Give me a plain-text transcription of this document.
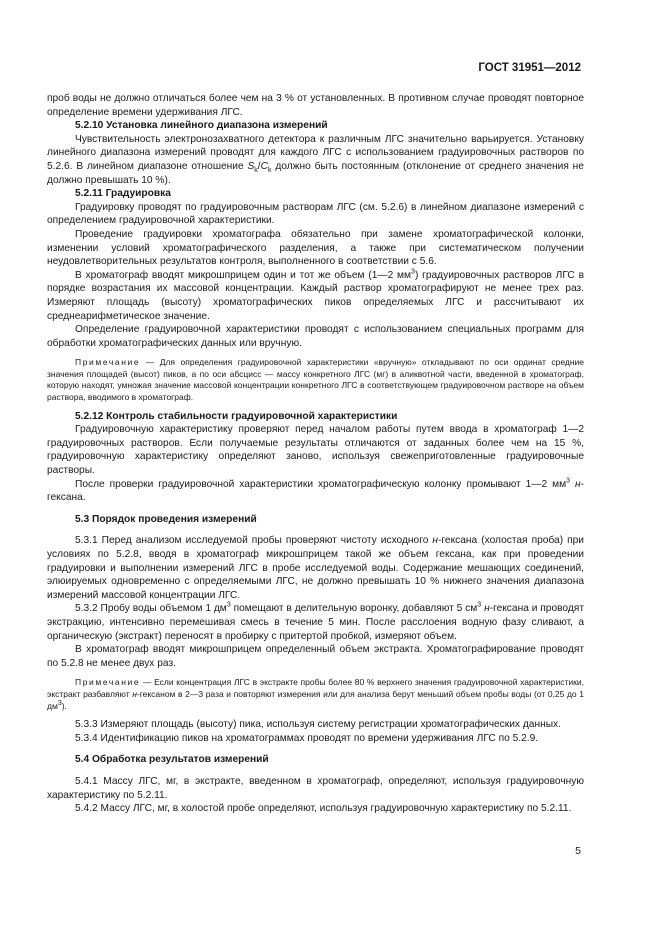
ГОСТ 31951—2012

проб воды не должно отличаться более чем на 3 % от установленных. В противном случае проводят повторное определение времени удерживания ЛГС.

5.2.10 Установка линейного диапазона измерений

Чувствительность электронозахватного детектора к различным ЛГС значительно варьируется. Установку линейного диапазона измерений проводят для каждого ЛГС с использованием градуировочных растворов по 5.2.6. В линейном диапазоне отношение $S_k/C_k$ должно быть постоянным (отклонение от среднего значения не должно превышать 10 %).

5.2.11 Градуировка

Градуировку проводят по градуировочным растворам ЛГС (см. 5.2.6) в линейном диапазоне измерений с определением градуировочной характеристики.

Проведение градуировки хроматографа обязательно при замене хроматографической колонки, изменении условий хроматографического разделения, а также при систематическом получении неудовлетворительных результатов контроля, выполненного в соответствии с 5.6.

В хроматограф вводят микрошприцем один и тот же объем (1—2 $мм^3$) градуировочных растворов ЛГС в порядке возрастания их массовой концентрации. Каждый раствор хроматографируют не менее трех раз. Измеряют площадь (высоту) хроматографических пиков определяемых ЛГС и рассчитывают их среднеарифметическое значение.

Определение градуировочной характеристики проводят с использованием специальных программ для обработки хроматографических данных или вручную.

Примечание — Для определения градуировочной характеристики «вручную» откладывают по оси ординат средние значения площадей (высот) пиков, а по оси абсцисс — массу конкретного ЛГС (мг) в аликвотной части, введенной в хроматограф, которую находят, умножая значение массовой концентрации конкретного ЛГС в соответствующем градуировочном растворе на объем раствора, вводимого в хроматограф.

5.2.12 Контроль стабильности градуировочной характеристики

Градуировочную характеристику проверяют перед началом работы путем ввода в хроматограф 1—2 градуировочных растворов. Если получаемые результаты отличаются от заданных более чем на 15 %, градуировочную характеристику определяют заново, используя свежеприготовленные градуировочные растворы.

После проверки градуировочной характеристики хроматографическую колонку промывают 1—2 $мм^3$ н-гексана.

5.3 Порядок проведения измерений

5.3.1 Перед анализом исследуемой пробы проверяют чистоту исходного н-гексана (холостая проба) при условиях по 5.2.8, вводя в хроматограф микрошприцем такой же объем гексана, как при проведении градуировки и выполнении измерений ЛГС в пробе исследуемой воды. Содержание мешающих соединений, элюируемых одновременно с определяемыми ЛГС, не должно превышать 10 % нижнего значения диапазона измерений массовой концентрации ЛГС.

5.3.2 Пробу воды объемом 1 $дм^3$ помещают в делительную воронку, добавляют 5 $см^3$ н-гексана и проводят экстракцию, интенсивно перемешивая смесь в течение 5 мин. После расслоения водную фазу сливают, а органическую (экстракт) переносят в пробирку с притертой пробкой, измеряют объем.

В хроматограф вводят микрошприцем определенный объем экстракта. Хроматографирование проводят по 5.2.8 не менее двух раз.

Примечание — Если концентрация ЛГС в экстракте пробы более 80 % верхнего значения градуировочной характеристики, экстракт разбавляют н-гексаном в 2—3 раза и повторяют измерения или для анализа берут меньший объем пробы воды (от 0,25 до 1 $дм^3$).

5.3.3 Измеряют площадь (высоту) пика, используя систему регистрации хроматографических данных.

5.3.4 Идентификацию пиков на хроматограммах проводят по времени удерживания ЛГС по 5.2.9.

5.4 Обработка результатов измерений

5.4.1 Массу ЛГС, мг, в экстракте, введенном в хроматограф, определяют, используя градуировочную характеристику по 5.2.11.

5.4.2 Массу ЛГС, мг, в холостой пробе определяют, используя градуировочную характеристику по 5.2.11.

5
